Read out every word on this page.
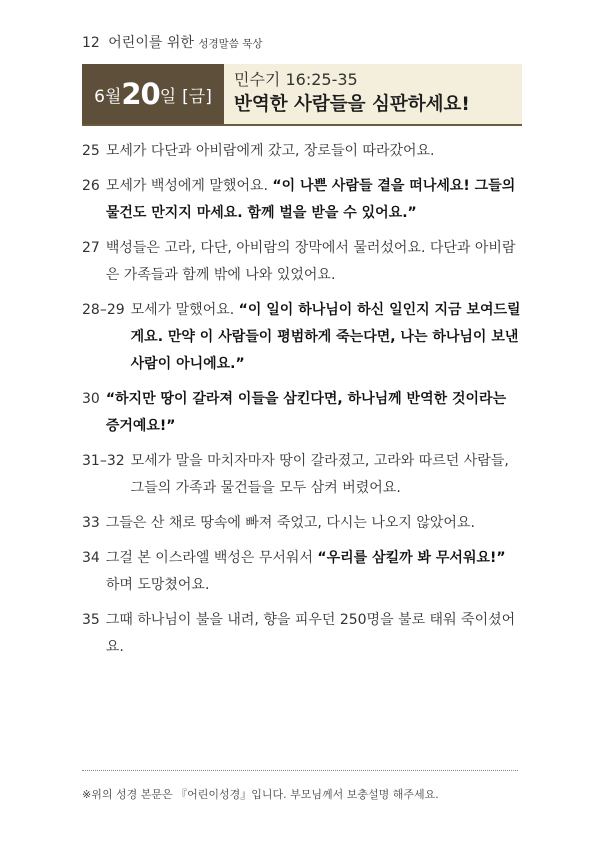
12 어린이를 위한 성경말씀 묵상
6월 20 일 [금]
민수기 16:25-35
반역한 사람들을 심판하세요!
25 모세가 다단과 아비람에게 갔고, 장로들이 따라갔어요.
26 모세가 백성에게 말했어요. “이 나쁜 사람들 곁을 떠나세요! 그들의 물건도 만지지 마세요. 함께 벌을 받을 수 있어요.”
27 백성들은 고라, 다단, 아비람의 장막에서 물러섰어요. 다단과 아비람은 가족들과 함께 밖에 나와 있었어요.
28–29 모세가 말했어요. “이 일이 하나님이 하신 일인지 지금 보여드릴게요. 만약 이 사람들이 평범하게 죽는다면, 나는 하나님이 보낸 사람이 아니에요.”
30 “하지만 땅이 갈라져 이들을 삼킨다면, 하나님께 반역한 것이라는 증거예요!”
31–32 모세가 말을 마치자마자 땅이 갈라졌고, 고라와 따르던 사람들, 그들의 가족과 물건들을 모두 삼켜 버렸어요.
33 그들은 산 채로 땅속에 빠져 죽었고, 다시는 나오지 않았어요.
34 그걸 본 이스라엘 백성은 무서워서 “우리를 삼킬까 봐 무서워요!” 하며 도망쳤어요.
35 그때 하나님이 불을 내려, 향을 피우던 250명을 불로 태워 죽이셨어요.
※위의 성경 본문은 『어린이성경』입니다. 부모님께서 보충설명 해주세요.
